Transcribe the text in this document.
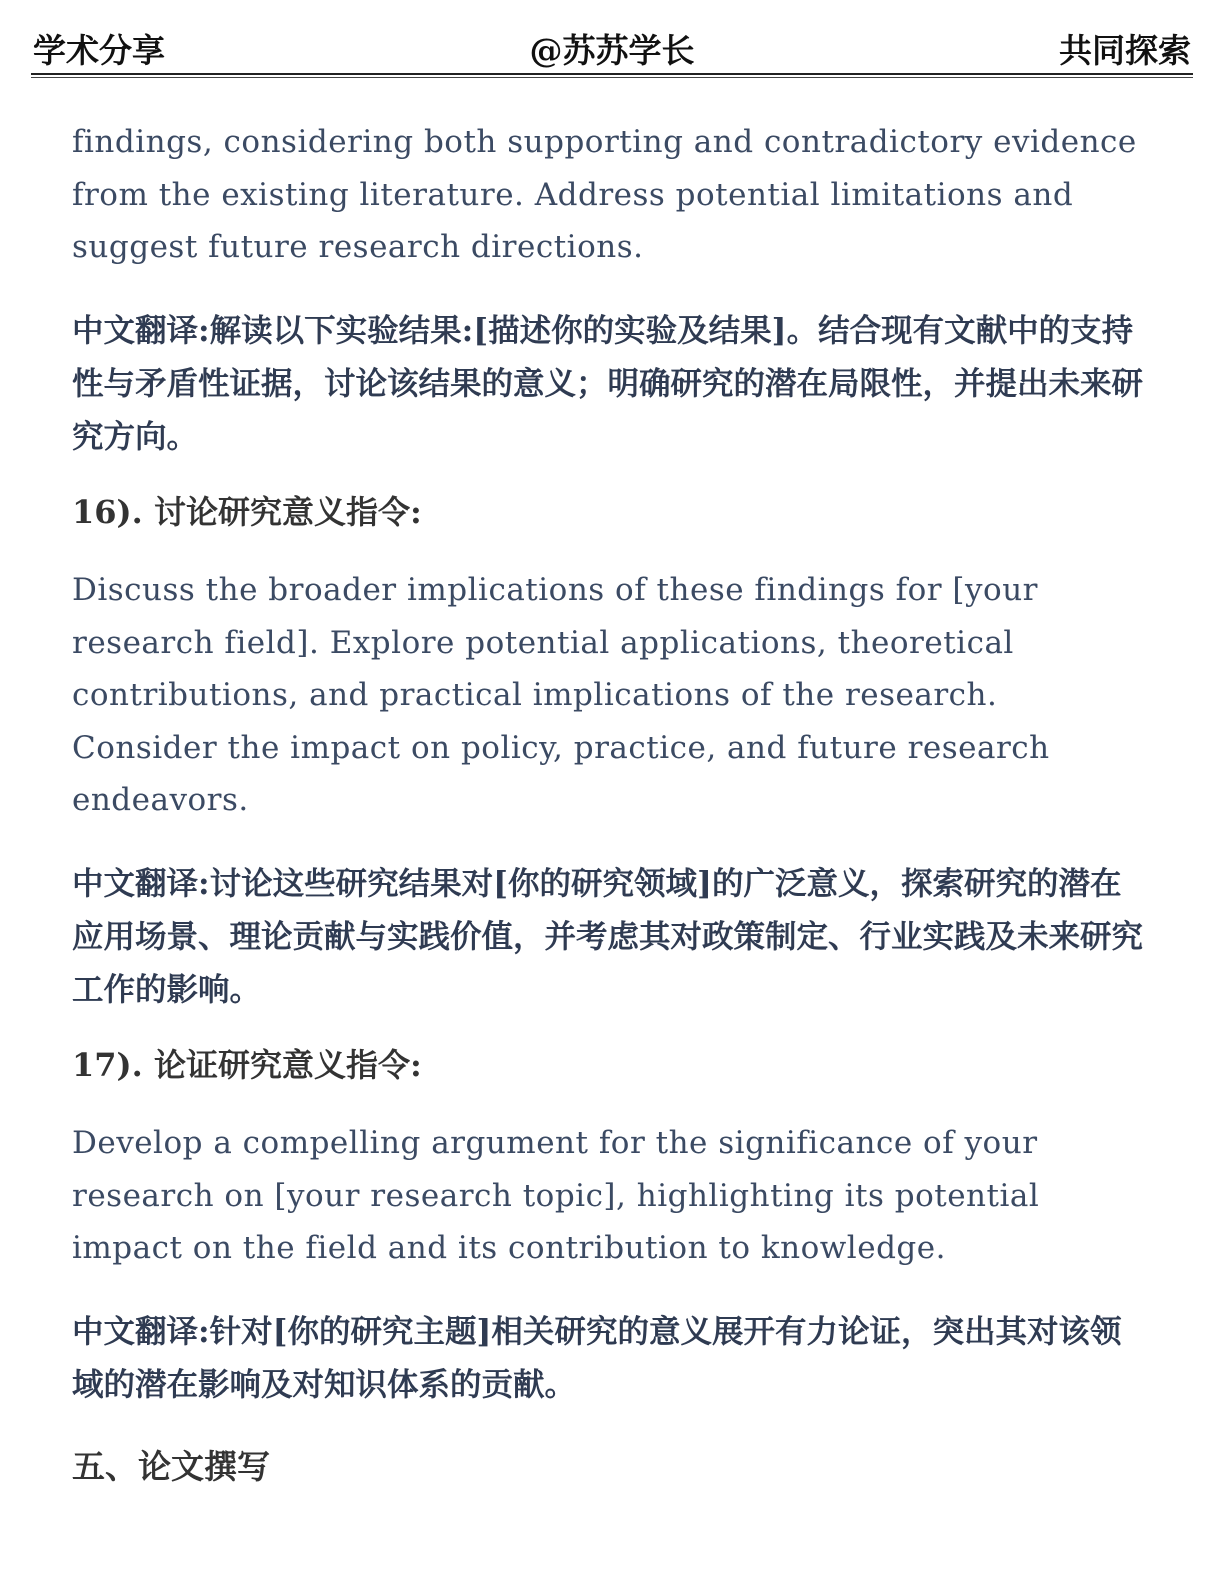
学术分享	@苏苏学长	共同探索

findings, considering both supporting and contradictory evidence from the existing literature. Address potential limitations and suggest future research directions.

中文翻译:解读以下实验结果:[描述你的实验及结果]。结合现有文献中的支持性与矛盾性证据，讨论该结果的意义；明确研究的潜在局限性，并提出未来研究方向。

16). 讨论研究意义指令:

Discuss the broader implications of these findings for [your research field]. Explore potential applications, theoretical contributions, and practical implications of the research. Consider the impact on policy, practice, and future research endeavors.

中文翻译:讨论这些研究结果对[你的研究领域]的广泛意义，探索研究的潜在应用场景、理论贡献与实践价值，并考虑其对政策制定、行业实践及未来研究工作的影响。

17). 论证研究意义指令:

Develop a compelling argument for the significance of your research on [your research topic], highlighting its potential impact on the field and its contribution to knowledge.

中文翻译:针对[你的研究主题]相关研究的意义展开有力论证，突出其对该领域的潜在影响及对知识体系的贡献。

五、论文撰写
